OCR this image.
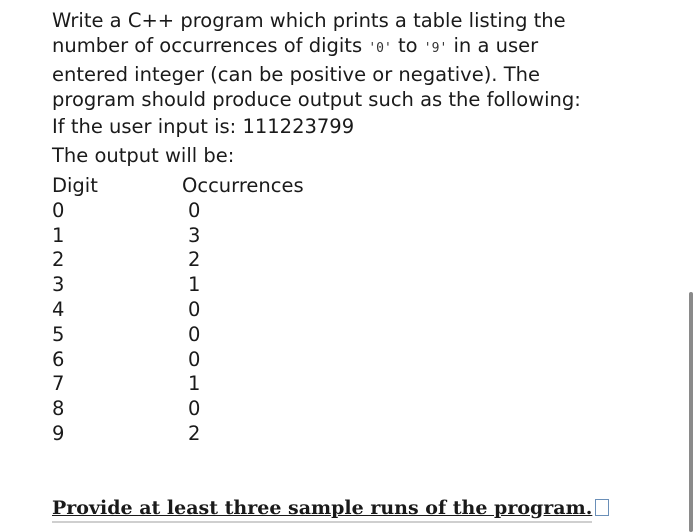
Write a C++ program which prints a table listing the
number of occurrences of digits '0' to '9' in a user
entered integer (can be positive or negative). The
program should produce output such as the following:
If the user input is: 111223799
The output will be:
Digit	Occurrences
0	0
1	3
2	2
3	1
4	0
5	0
6	0
7	1
8	0
9	2
Provide at least three sample runs of the program.
